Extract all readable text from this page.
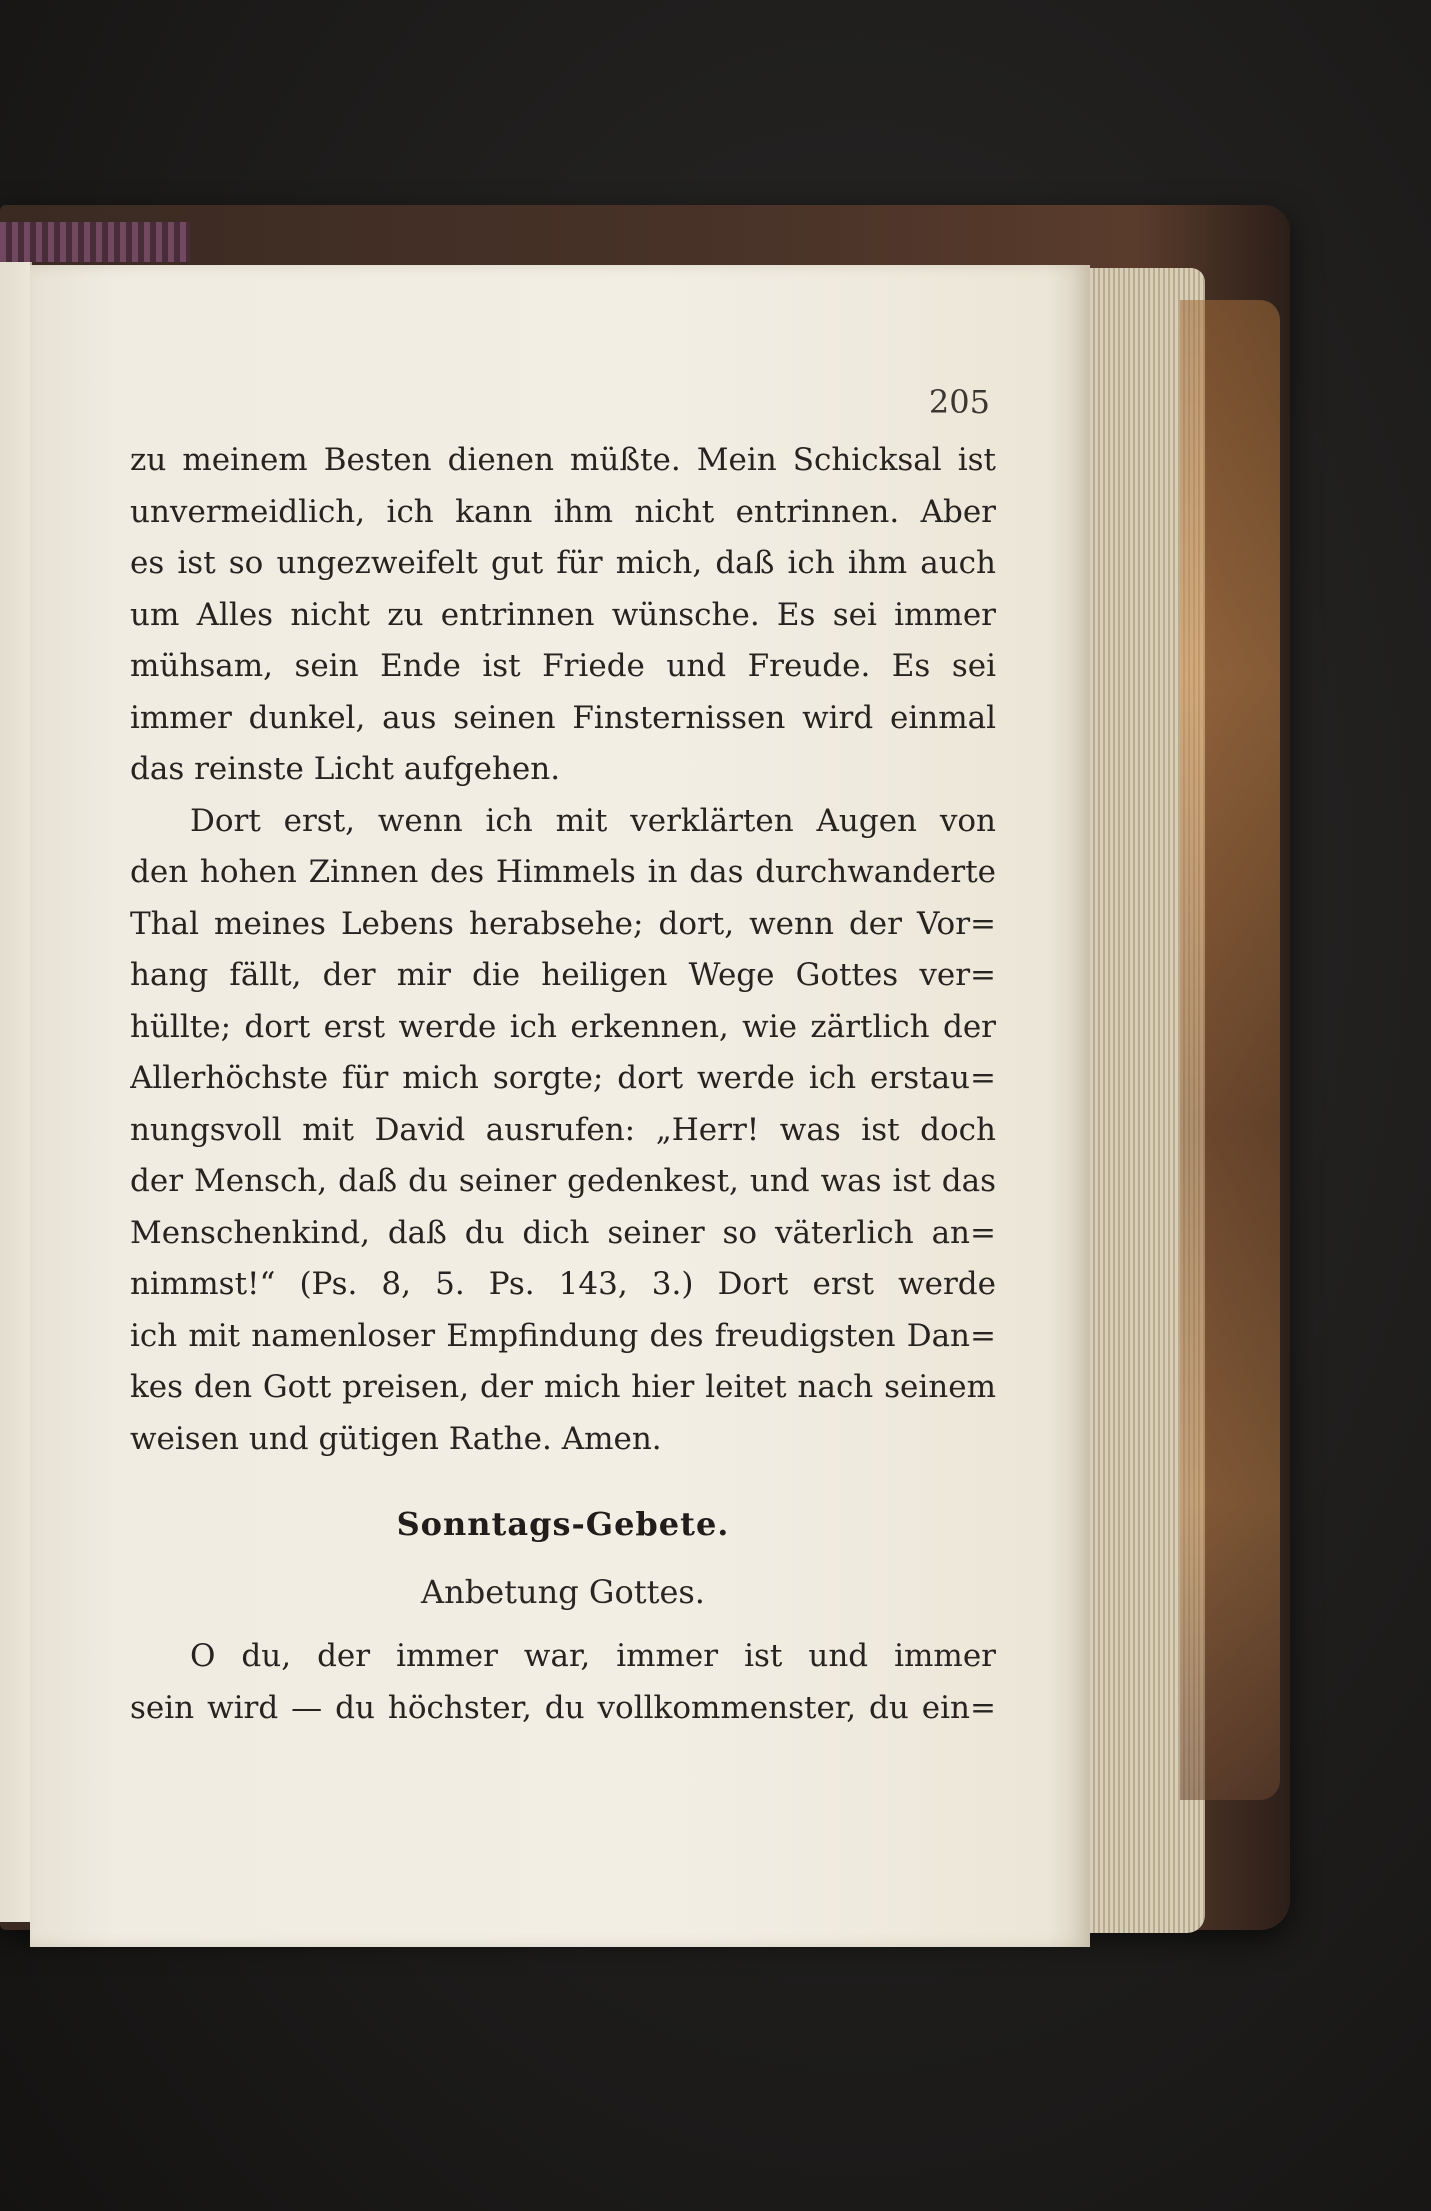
205
zu meinem Besten dienen müßte. Mein Schicksal ist
unvermeidlich, ich kann ihm nicht entrinnen. Aber
es ist so ungezweifelt gut für mich, daß ich ihm auch
um Alles nicht zu entrinnen wünsche. Es sei immer
mühsam, sein Ende ist Friede und Freude. Es sei
immer dunkel, aus seinen Finsternissen wird einmal
das reinste Licht aufgehen.
Dort erst, wenn ich mit verklärten Augen von
den hohen Zinnen des Himmels in das durchwanderte
Thal meines Lebens herabsehe; dort, wenn der Vor=
hang fällt, der mir die heiligen Wege Gottes ver=
hüllte; dort erst werde ich erkennen, wie zärtlich der
Allerhöchste für mich sorgte; dort werde ich erstau=
nungsvoll mit David ausrufen: „Herr! was ist doch
der Mensch, daß du seiner gedenkest, und was ist das
Menschenkind, daß du dich seiner so väterlich an=
nimmst!“ (Ps. 8, 5. Ps. 143, 3.) Dort erst werde
ich mit namenloser Empfindung des freudigsten Dan=
kes den Gott preisen, der mich hier leitet nach seinem
weisen und gütigen Rathe. Amen.
Sonntags-Gebete.
Anbetung Gottes.
O du, der immer war, immer ist und immer
sein wird — du höchster, du vollkommenster, du ein=
